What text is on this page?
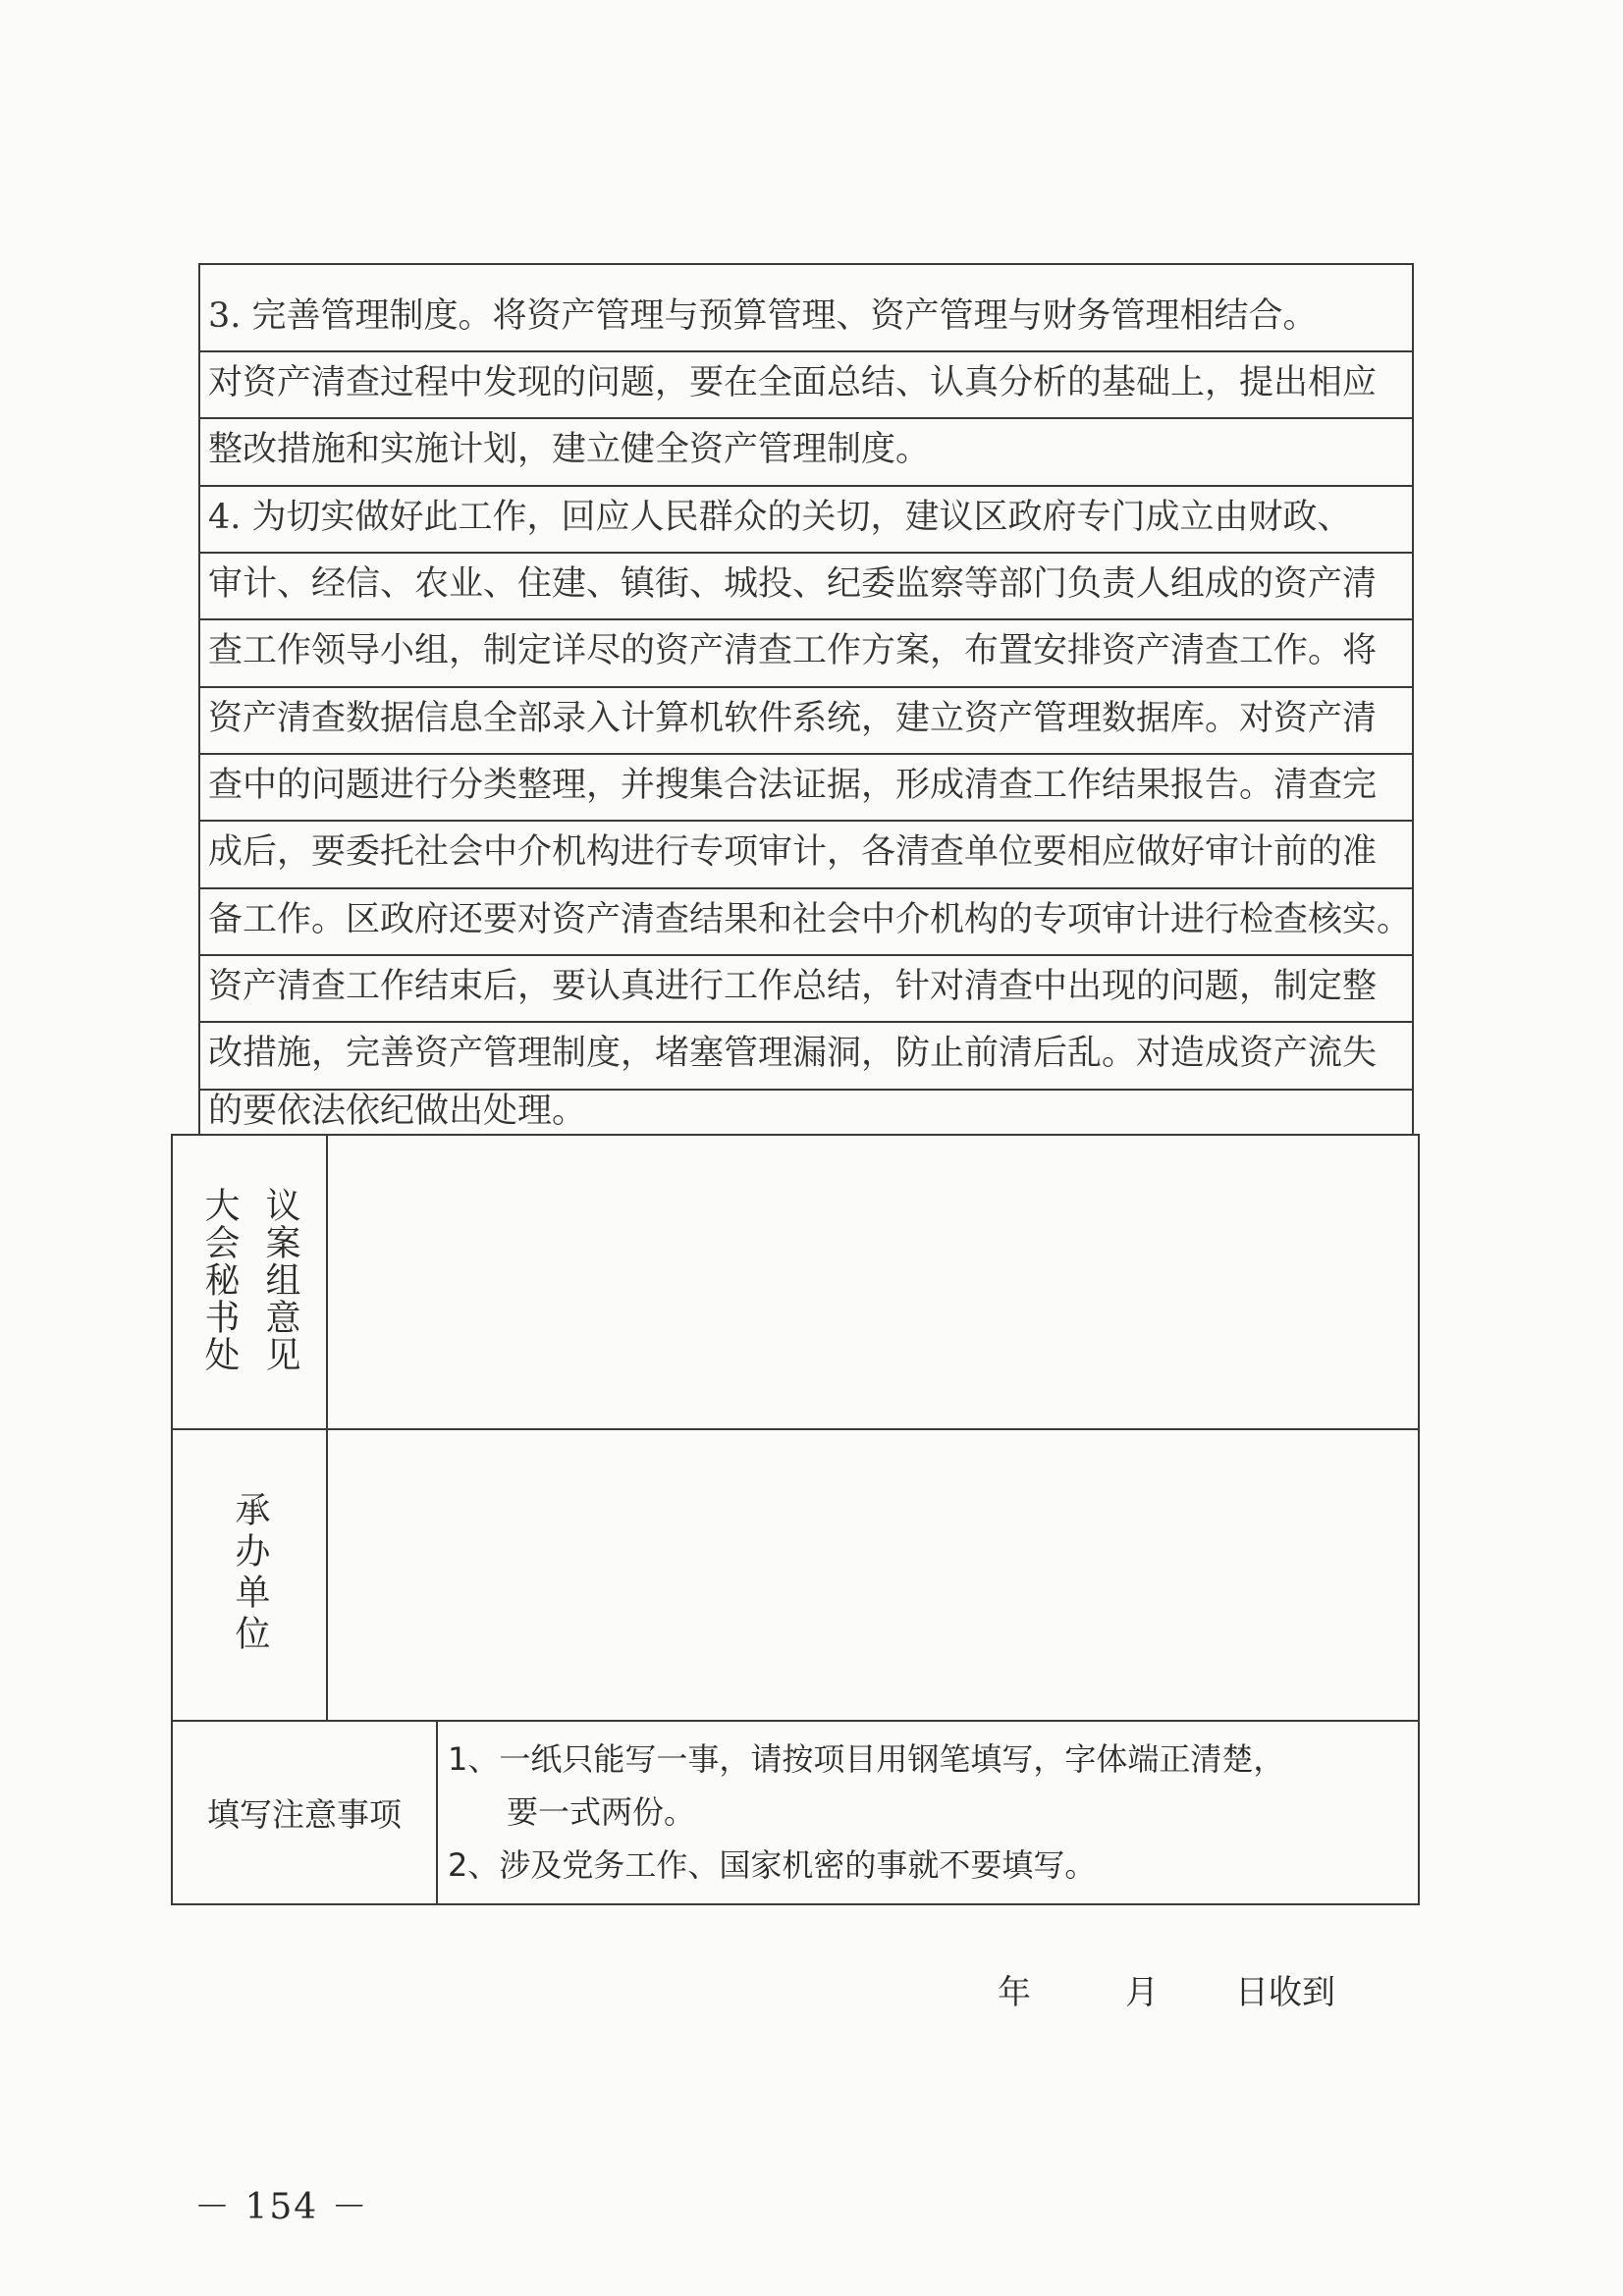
3. 完善管理制度。将资产管理与预算管理、资产管理与财务管理相结合。
对资产清查过程中发现的问题，要在全面总结、认真分析的基础上，提出相应
整改措施和实施计划，建立健全资产管理制度。
4. 为切实做好此工作，回应人民群众的关切，建议区政府专门成立由财政、
审计、经信、农业、住建、镇街、城投、纪委监察等部门负责人组成的资产清
查工作领导小组，制定详尽的资产清查工作方案，布置安排资产清查工作。将
资产清查数据信息全部录入计算机软件系统，建立资产管理数据库。对资产清
查中的问题进行分类整理，并搜集合法证据，形成清查工作结果报告。清查完
成后，要委托社会中介机构进行专项审计，各清查单位要相应做好审计前的准
备工作。区政府还要对资产清查结果和社会中介机构的专项审计进行检查核实。
资产清查工作结束后，要认真进行工作总结，针对清查中出现的问题，制定整
改措施，完善资产管理制度，堵塞管理漏洞，防止前清后乱。对造成资产流失
的要依法依纪做出处理。
大会秘书处 议案组意见		

承办单位		
填写注意事项		1、一纸只能写一事，请按项目用钢笔填写，字体端正清楚，
要一式两份。
2、涉及党务工作、国家机密的事就不要填写。
年	月 日收到
－ 154 －
